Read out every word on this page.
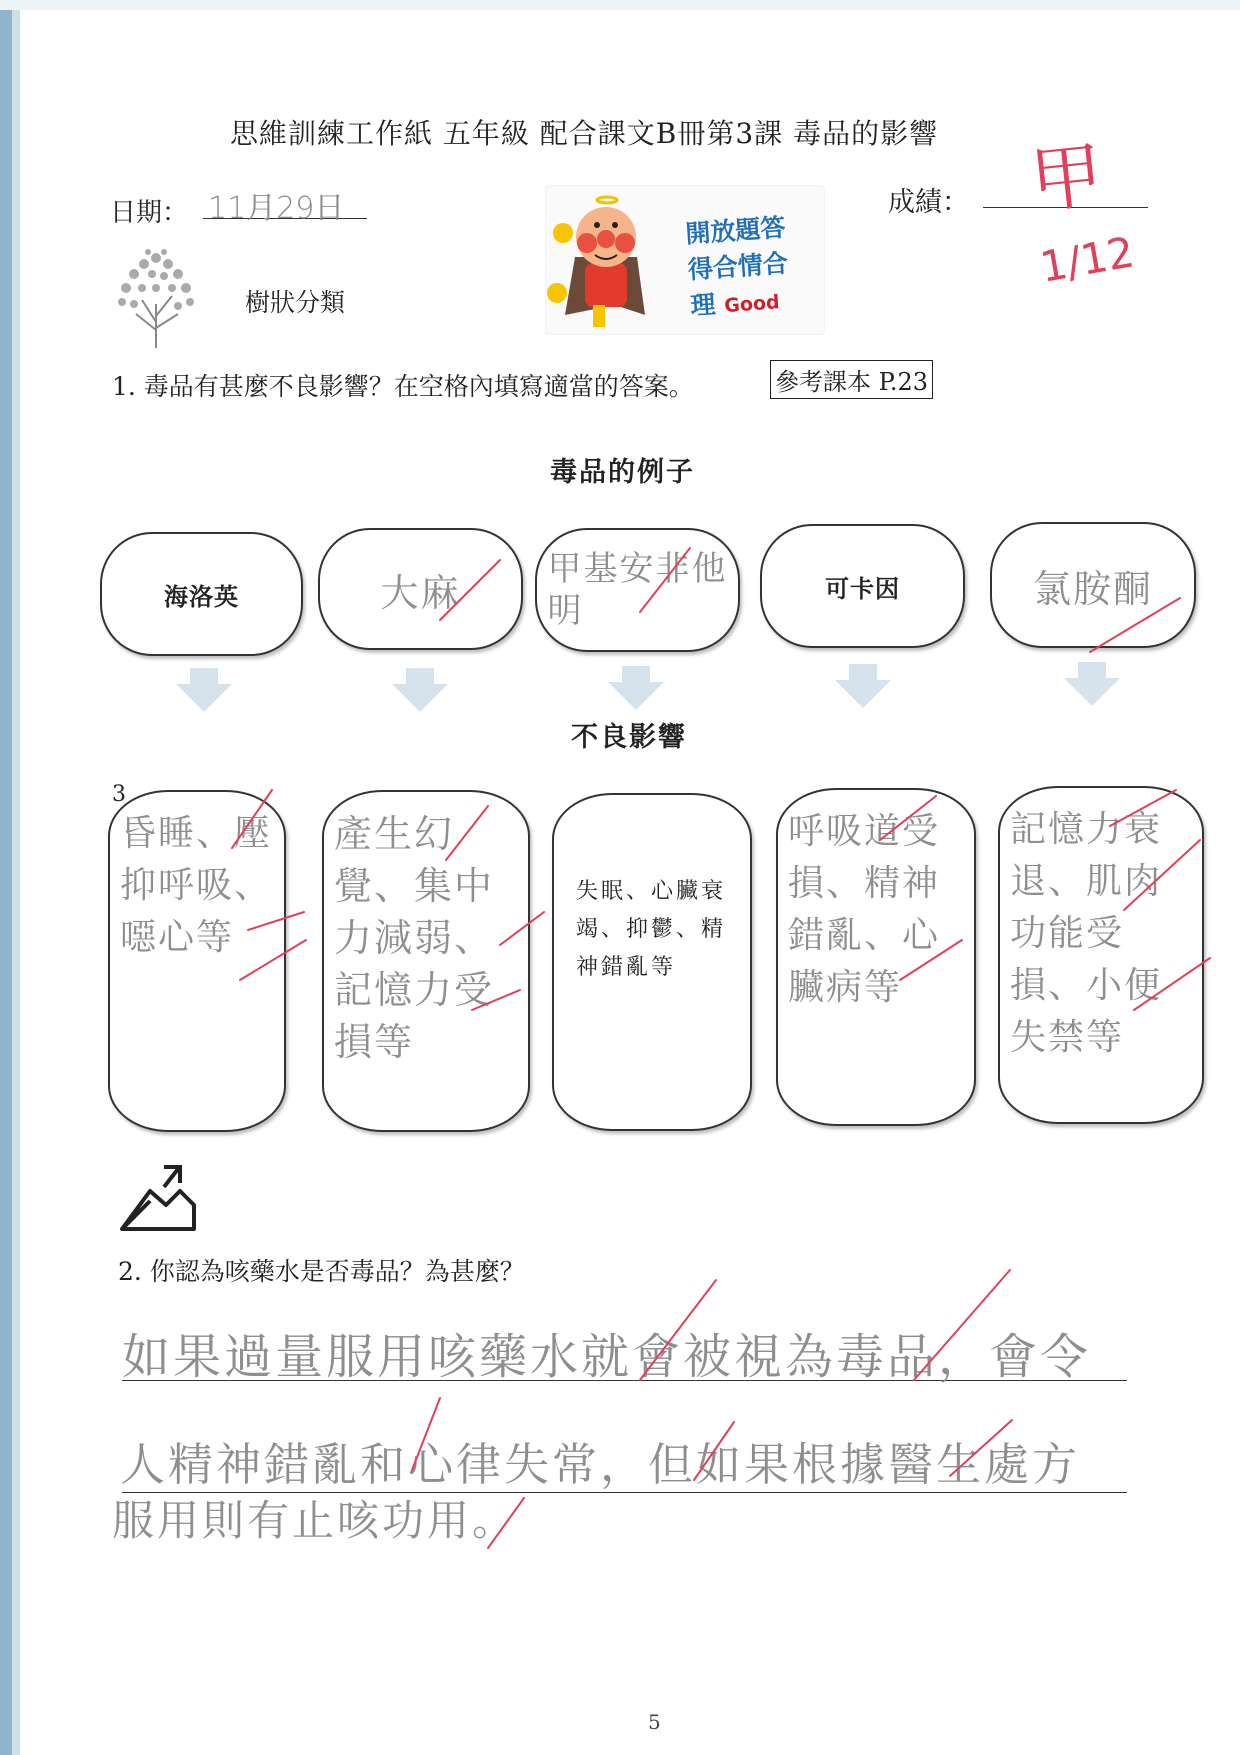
思維訓練工作紙 五年級 配合課文B冊第3課 毒品的影響
日期： 11月29日	成績： 甲
1/12
樹狀分類
開放題答
得合情合
理 Good
1. 毒品有甚麼不良影響？在空格內填寫適當的答案。	參考課本 P.23
毒品的例子
海洛英	大麻
甲基安非他明
可卡因	氯胺酮
不良影響
3
昏睡、壓抑呼吸、噁心等
產生幻覺、集中力減弱、記憶力受損等
失眠、心臟衰竭、抑鬱、精神錯亂等
呼吸道受損、精神錯亂、心臟病等
記憶力衰退、肌肉功能受損、小便失禁等
2. 你認為咳藥水是否毒品？為甚麼？
如果過量服用咳藥水就會被視為毒品，會令
人精神錯亂和心律失常，但如果根據醫生處方
服用則有止咳功用。
5
